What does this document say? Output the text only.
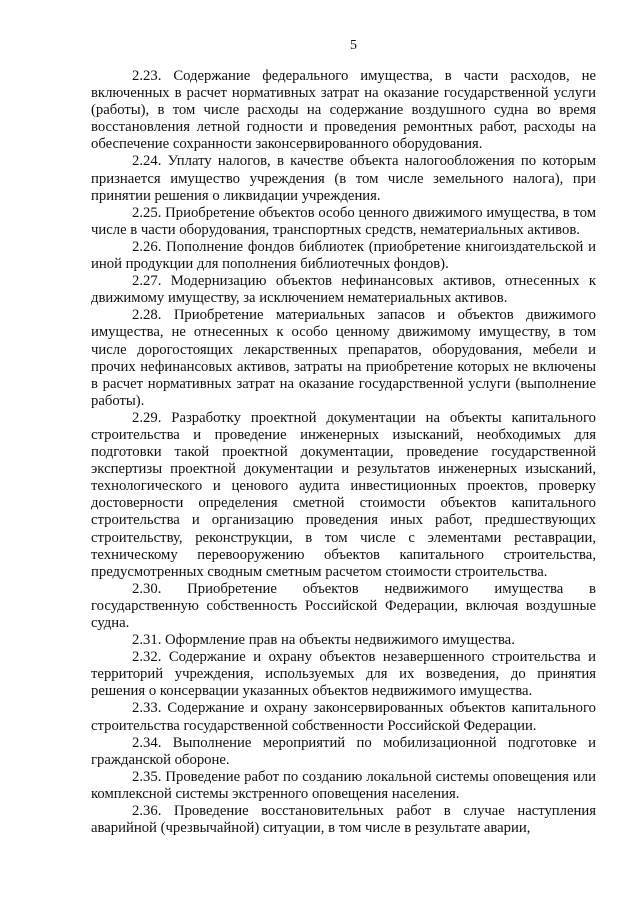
5

2.23. Содержание федерального имущества, в части расходов, не включенных в расчет нормативных затрат на оказание государственной услуги (работы), в том числе расходы на содержание воздушного судна во время восстановления летной годности и проведения ремонтных работ, расходы на обеспечение сохранности законсервированного оборудования.

2.24. Уплату налогов, в качестве объекта налогообложения по которым признается имущество учреждения (в том числе земельного налога), при принятии решения о ликвидации учреждения.

2.25. Приобретение объектов особо ценного движимого имущества, в том числе в части оборудования, транспортных средств, нематериальных активов.

2.26. Пополнение фондов библиотек (приобретение книгоиздательской и иной продукции для пополнения библиотечных фондов).

2.27. Модернизацию объектов нефинансовых активов, отнесенных к движимому имуществу, за исключением нематериальных активов.

2.28. Приобретение материальных запасов и объектов движимого имущества, не отнесенных к особо ценному движимому имуществу, в том числе дорогостоящих лекарственных препаратов, оборудования, мебели и прочих нефинансовых активов, затраты на приобретение которых не включены в расчет нормативных затрат на оказание государственной услуги (выполнение работы).

2.29. Разработку проектной документации на объекты капитального строительства и проведение инженерных изысканий, необходимых для подготовки такой проектной документации, проведение государственной экспертизы проектной документации и результатов инженерных изысканий, технологического и ценового аудита инвестиционных проектов, проверку достоверности определения сметной стоимости объектов капитального строительства и организацию проведения иных работ, предшествующих строительству, реконструкции, в том числе с элементами реставрации, техническому перевооружению объектов капитального строительства, предусмотренных сводным сметным расчетом стоимости строительства.

2.30. Приобретение объектов недвижимого имущества в государственную собственность Российской Федерации, включая воздушные судна.

2.31. Оформление прав на объекты недвижимого имущества.

2.32. Содержание и охрану объектов незавершенного строительства и территорий учреждения, используемых для их возведения, до принятия решения о консервации указанных объектов недвижимого имущества.

2.33. Содержание и охрану законсервированных объектов капитального строительства государственной собственности Российской Федерации.

2.34. Выполнение мероприятий по мобилизационной подготовке и гражданской обороне.

2.35. Проведение работ по созданию локальной системы оповещения или комплексной системы экстренного оповещения населения.

2.36. Проведение восстановительных работ в случае наступления аварийной (чрезвычайной) ситуации, в том числе в результате аварии,
